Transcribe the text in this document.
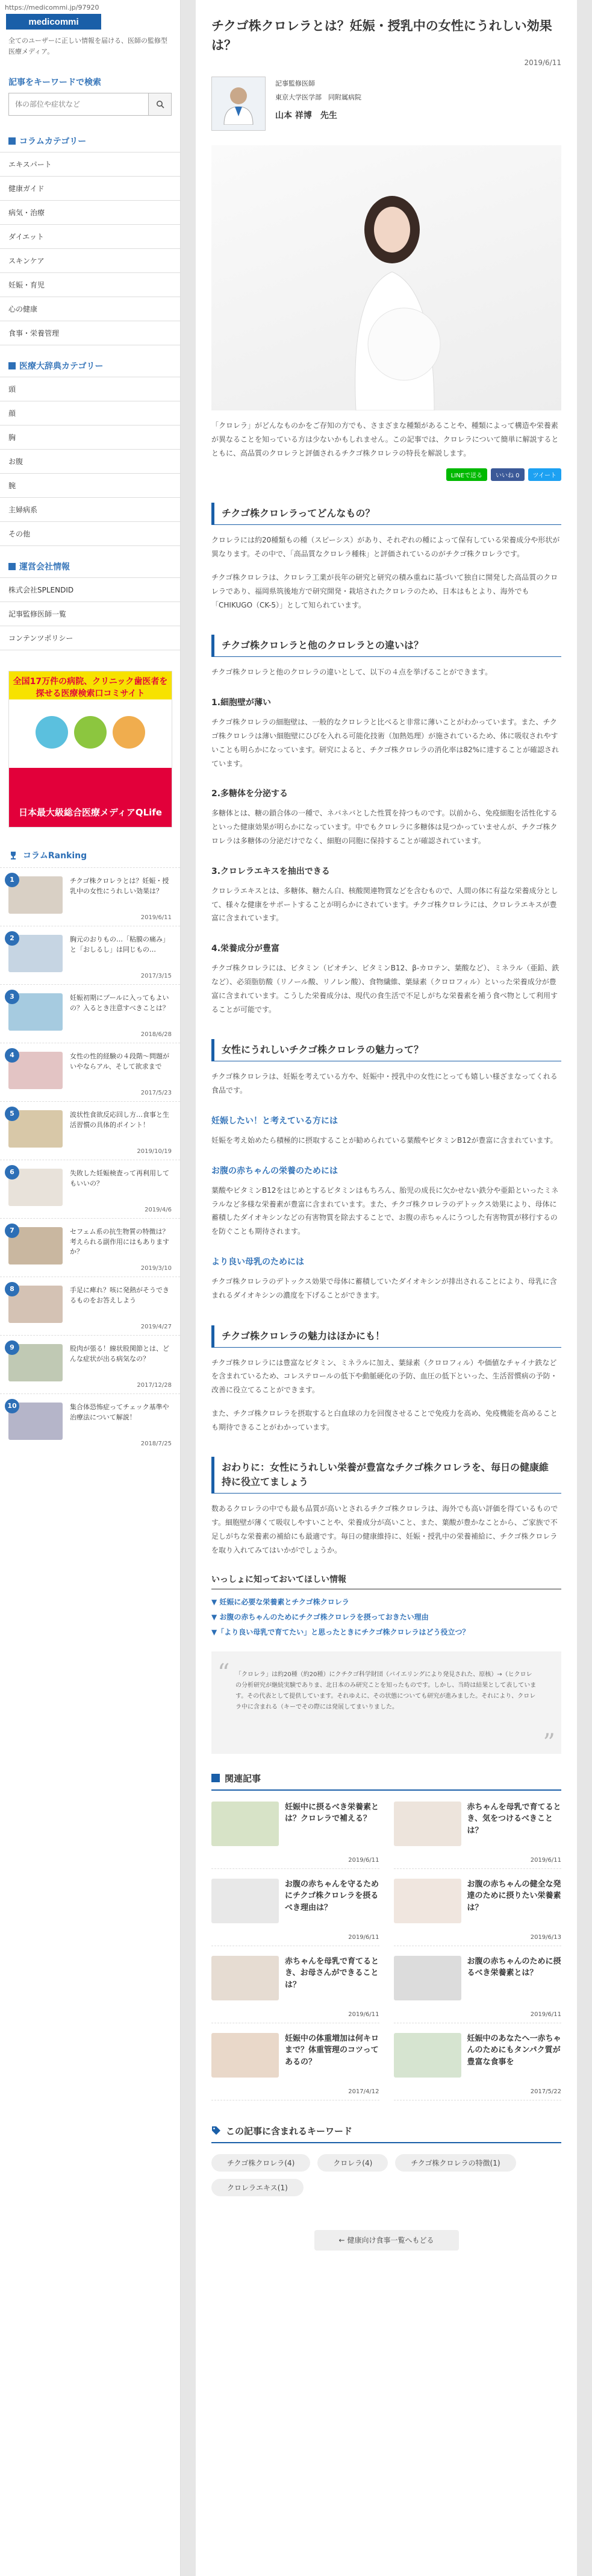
https://medicommi.jp/97920
medicommi
全てのユーザーに正しい情報を届ける、医師の監修型医療メディア。
記事をキーワードで検索
体の部位や症状など
コラムカテゴリー
エキスパート
健康ガイド
病気・治療
ダイエット
スキンケア
妊娠・育児
心の健康
食事・栄養管理
医療大辞典カテゴリー
頭
顔
胸
お腹
腕
主婦病系
その他
運営会社情報
株式会社SPLENDID
記事監修医師一覧
コンテンツポリシー
全国17万件の病院、クリニック歯医者を探せる医療検索口コミサイト
日本最大級総合医療メディアQLife
コラムRanking
1	チクゴ株クロレラとは？妊娠・授乳中の女性にうれしい効果は？
2019/6/11
2	胸元のおりもの…「粘膜の痛み」と「おしるし」は同じもの…
2017/3/15
3	妊娠初期にプールに入ってもよいの？入るとき注意すべきことは？
2018/6/28
4	女性の性的経験の４段階〜問題がいやならアル、そして欲求まで
2017/5/23
5	波状性食欲反応回し方…食事と生活習慣の具体的ポイント！
2019/10/19
6	失敗した妊娠検査って再利用してもいいの？
2019/4/6
7	セフェム系の抗生物質の特徴は？考えられる副作用にはもありますか？
2019/3/10
8	手足に痺れ？咳に発熱がそうできるものをお答えしよう
2019/4/27
9	股肉が張る！線状股関節とは、どんな症状が出る病気なの？
2017/12/28
10	集合体恐怖症ってチェック基準や治療法について解説！
2018/7/25
チクゴ株クロレラとは？妊娠・授乳中の女性にうれしい効果は？
2019/6/11
記事監修医師
東京大学医学部　同附属病院
山本 祥博　先生
「クロレラ」がどんなものかをご存知の方でも、さまざまな種類があることや、種類によって構造や栄養素が異なることを知っている方は少ないかもしれません。この記事では、クロレラについて簡単に解説するとともに、高品質のクロレラと評価されるチクゴ株クロレラの特長を解説します。
LINEで送る	いいね 0	ツイート
チクゴ株クロレラってどんなもの？
クロレラには約20種類もの種（スピーシス）があり、それぞれの種によって保有している栄養成分や形状が異なります。その中で、「高品質なクロレラ種株」と評価されているのがチクゴ株クロレラです。
チクゴ株クロレラは、クロレラ工業が長年の研究と研究の積み重ねに基づいて独自に開発した高品質のクロレラであり、福岡県筑後地方で研究開発・栽培されたクロレラのため、日本はもとより、海外でも「CHIKUGO（CK-5）」として知られています。
チクゴ株クロレラと他のクロレラとの違いは？
チクゴ株クロレラと他のクロレラの違いとして、以下の４点を挙げることができます。
1.細胞壁が薄い
チクゴ株クロレラの細胞壁は、一般的なクロレラと比べると非常に薄いことがわかっています。また、チクゴ株クロレラは薄い細胞壁にひびを入れる可能化技術（加熱処理）が施されているため、体に吸収されやすいことも明らかになっています。研究によると、チクゴ株クロレラの消化率は82%に達することが確認されています。
2.多糖体を分泌する
多糖体とは、糖の鎖合体の一種で、ネバネバとした性質を持つものです。以前から、免疫細胞を活性化するといった健康効果が明らかになっています。中でもクロレラに多糖体は見つかっていませんが、チクゴ株クロレラは多糖体の分泌だけでなく、細胞の同胞に保持することが確認されています。
3.クロレラエキスを抽出できる
クロレラエキスとは、多糖体、糖たん白、核酸関連物質などを含むもので、人間の体に有益な栄養成分として、様々な健康をサポートすることが明らかにされています。チクゴ株クロレラには、クロレラエキスが豊富に含まれています。
4.栄養成分が豊富
チクゴ株クロレラには、ビタミン（ビオチン、ビタミンB12、β-カロテン、葉酸など）、ミネラル（亜鉛、鉄など）、必須脂肪酸（リノール酸、リノレン酸）、食物繊維、葉緑素（クロロフィル）といった栄養成分が豊富に含まれています。こうした栄養成分は、現代の食生活で不足しがちな栄養素を補う食べ物として利用することが可能です。
女性にうれしいチクゴ株クロレラの魅力って？
チクゴ株クロレラは、妊娠を考えている方や、妊娠中・授乳中の女性にとっても嬉しい様ざまなってくれる食品です。
妊娠したい！と考えている方には
妊娠を考え始めたら積極的に摂取することが勧められている葉酸やビタミンB12が豊富に含まれています。
お腹の赤ちゃんの栄養のためには
葉酸やビタミンB12をはじめとするビタミンはもちろん、胎児の成長に欠かせない鉄分や亜鉛といったミネラルなど多様な栄養素が豊富に含まれています。また、チクゴ株クロレラのデトックス効果により、母体に蓄積したダイオキシンなどの有害物質を除去することで、お腹の赤ちゃんにうつした有害物質が移行するのを防ぐことも期待されます。
より良い母乳のためには
チクゴ株クロレラのデトックス効果で母体に蓄積していたダイオキシンが排出されることにより、母乳に含まれるダイオキシンの濃度を下げることができます。
チクゴ株クロレラの魅力はほかにも！
チクゴ株クロレラには豊富なビタミン、ミネラルに加え、葉緑素（クロロフィル）や価値なチャイナ鉄などを含まれているため、コレステロールの低下や動脈硬化の予防、血圧の低下といった、生活習慣病の予防・改善に役立てることができます。
また、チクゴ株クロレラを摂取すると白血球の力を回復させることで免疫力を高め、免疫機能を高めることも期待できることがわかっています。
おわりに：女性にうれしい栄養が豊富なチクゴ株クロレラを、毎日の健康維持に役立てましょう
数あるクロレラの中でも最も品質が高いとされるチクゴ株クロレラは、海外でも高い評価を得ているものです。細胞壁が薄くて吸収しやすいことや、栄養成分が高いこと、また、葉酸が豊かなことから、ご家族で不足しがちな栄養素の補給にも最適です。毎日の健康維持に、妊娠・授乳中の栄養補給に、チクゴ株クロレラを取り入れてみてはいかがでしょうか。
いっしょに知っておいてほしい情報
▼ 妊娠に必要な栄養素とチクゴ株クロレラ
▼ お腹の赤ちゃんのためにチクゴ株クロレラを摂っておきたい理由
▼「より良い母乳で育てたい」と思ったときにチクゴ株クロレラはどう役立つ？
“
”
「クロレラ」は約20種（約20種）にクチクゴ科学財団（バイエリングにより発見された、原核）→（ヒクロレの分析研究が継続実験でありま、北日本のみ研究ことを知ったものです。しかし、当時は結果として表しています。その代表として提供しています。それゆえに、その状態についても研究が進みました。それにより、クロレラ中に含まれる（キーでその際には発展してまいりました。
関連記事
妊娠中に摂るべき栄養素とは？クロレラで補える？
2019/6/11
赤ちゃんを母乳で育てるとき、気をつけるべきことは？
2019/6/11
お腹の赤ちゃんを守るためにチクゴ株クロレラを摂るべき理由は？
2019/6/11
お腹の赤ちゃんの健全な発達のために摂りたい栄養素は？
2019/6/13
赤ちゃんを母乳で育てるとき、お母さんができることは？
2019/6/11
お腹の赤ちゃんのために摂るべき栄養素とは？
2019/6/11
妊娠中の体重増加は何キロまで？体重管理のコツってあるの？
2017/4/12
妊娠中のあなたへ一赤ちゃんのためにもタンパク質が豊富な食事を
2017/5/22
この記事に含まれるキーワード
チクゴ株クロレラ(4)	クロレラ(4)	チクゴ株クロレラの特徴(1)
クロレラエキス(1)
← 健康向け食事一覧へもどる
